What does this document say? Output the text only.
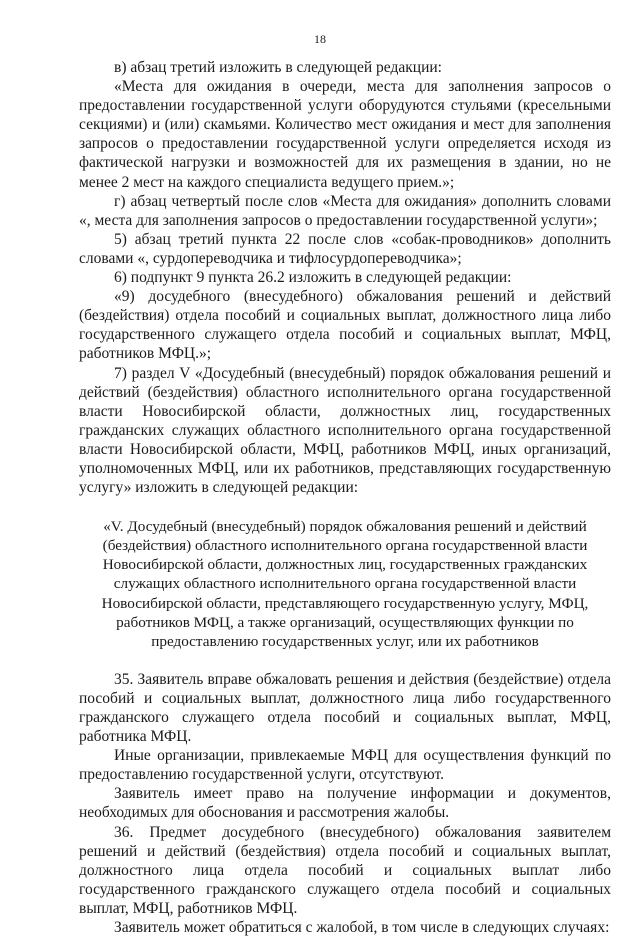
18

в) абзац третий изложить в следующей редакции:

«Места для ожидания в очереди, места для заполнения запросов о предоставлении государственной услуги оборудуются стульями (кресельными секциями) и (или) скамьями. Количество мест ожидания и мест для заполнения запросов о предоставлении государственной услуги определяется исходя из фактической нагрузки и возможностей для их размещения в здании, но не менее 2 мест на каждого специалиста ведущего прием.»;

г) абзац четвертый после слов «Места для ожидания» дополнить словами «, места для заполнения запросов о предоставлении государственной услуги»;

5) абзац третий пункта 22 после слов «собак-проводников» дополнить словами «, сурдопереводчика и тифлосурдопереводчика»;

6) подпункт 9 пункта 26.2 изложить в следующей редакции:

«9) досудебного (внесудебного) обжалования решений и действий (бездействия) отдела пособий и социальных выплат, должностного лица либо государственного служащего отдела пособий и социальных выплат, МФЦ, работников МФЦ.»;

7) раздел V «Досудебный (внесудебный) порядок обжалования решений и действий (бездействия) областного исполнительного органа государственной власти Новосибирской области, должностных лиц, государственных гражданских служащих областного исполнительного органа государственной власти Новосибирской области, МФЦ, работников МФЦ, иных организаций, уполномоченных МФЦ, или их работников, представляющих государственную услугу» изложить в следующей редакции:

«V. Досудебный (внесудебный) порядок обжалования решений и действий (бездействия) областного исполнительного органа государственной власти Новосибирской области, должностных лиц, государственных гражданских служащих областного исполнительного органа государственной власти Новосибирской области, представляющего государственную услугу, МФЦ, работников МФЦ, а также организаций, осуществляющих функции по предоставлению государственных услуг, или их работников

35. Заявитель вправе обжаловать решения и действия (бездействие) отдела пособий и социальных выплат, должностного лица либо государственного гражданского служащего отдела пособий и социальных выплат, МФЦ, работника МФЦ.

Иные организации, привлекаемые МФЦ для осуществления функций по предоставлению государственной услуги, отсутствуют.

Заявитель имеет право на получение информации и документов, необходимых для обоснования и рассмотрения жалобы.

36. Предмет досудебного (внесудебного) обжалования заявителем решений и действий (бездействия) отдела пособий и социальных выплат, должностного лица отдела пособий и социальных выплат либо государственного гражданского служащего отдела пособий и социальных выплат, МФЦ, работников МФЦ.

Заявитель может обратиться с жалобой, в том числе в следующих случаях:
